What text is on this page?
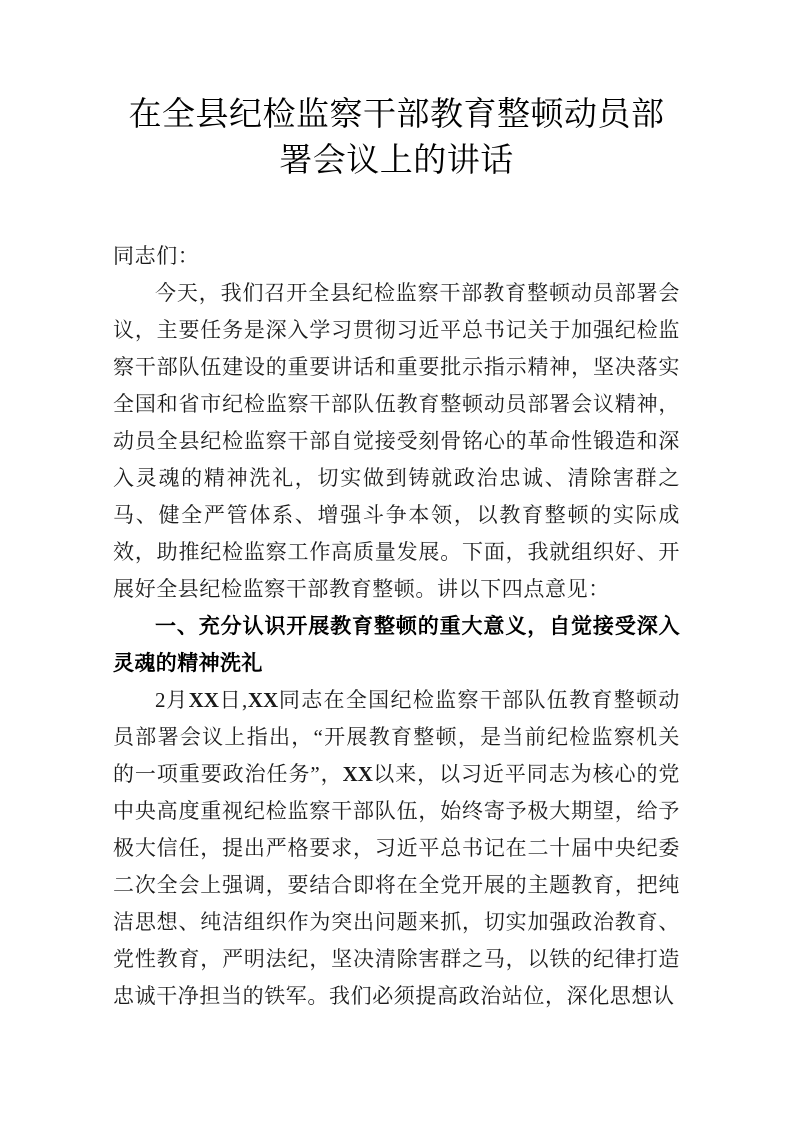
在全县纪检监察干部教育整顿动员部署会议上的讲话

同志们：

今天，我们召开全县纪检监察干部教育整顿动员部署会议，主要任务是深入学习贯彻习近平总书记关于加强纪检监察干部队伍建设的重要讲话和重要批示指示精神，坚决落实全国和省市纪检监察干部队伍教育整顿动员部署会议精神，动员全县纪检监察干部自觉接受刻骨铭心的革命性锻造和深入灵魂的精神洗礼，切实做到铸就政治忠诚、清除害群之马、健全严管体系、增强斗争本领，以教育整顿的实际成效，助推纪检监察工作高质量发展。下面，我就组织好、开展好全县纪检监察干部教育整顿。讲以下四点意见：

一、充分认识开展教育整顿的重大意义，自觉接受深入灵魂的精神洗礼

2月XX日,XX同志在全国纪检监察干部队伍教育整顿动员部署会议上指出，“开展教育整顿，是当前纪检监察机关的一项重要政治任务”，XX以来，以习近平同志为核心的党中央高度重视纪检监察干部队伍，始终寄予极大期望，给予极大信任，提出严格要求，习近平总书记在二十届中央纪委二次全会上强调，要结合即将在全党开展的主题教育，把纯洁思想、纯洁组织作为突出问题来抓，切实加强政治教育、党性教育，严明法纪，坚决清除害群之马，以铁的纪律打造忠诚干净担当的铁军。我们必须提高政治站位，深化思想认
